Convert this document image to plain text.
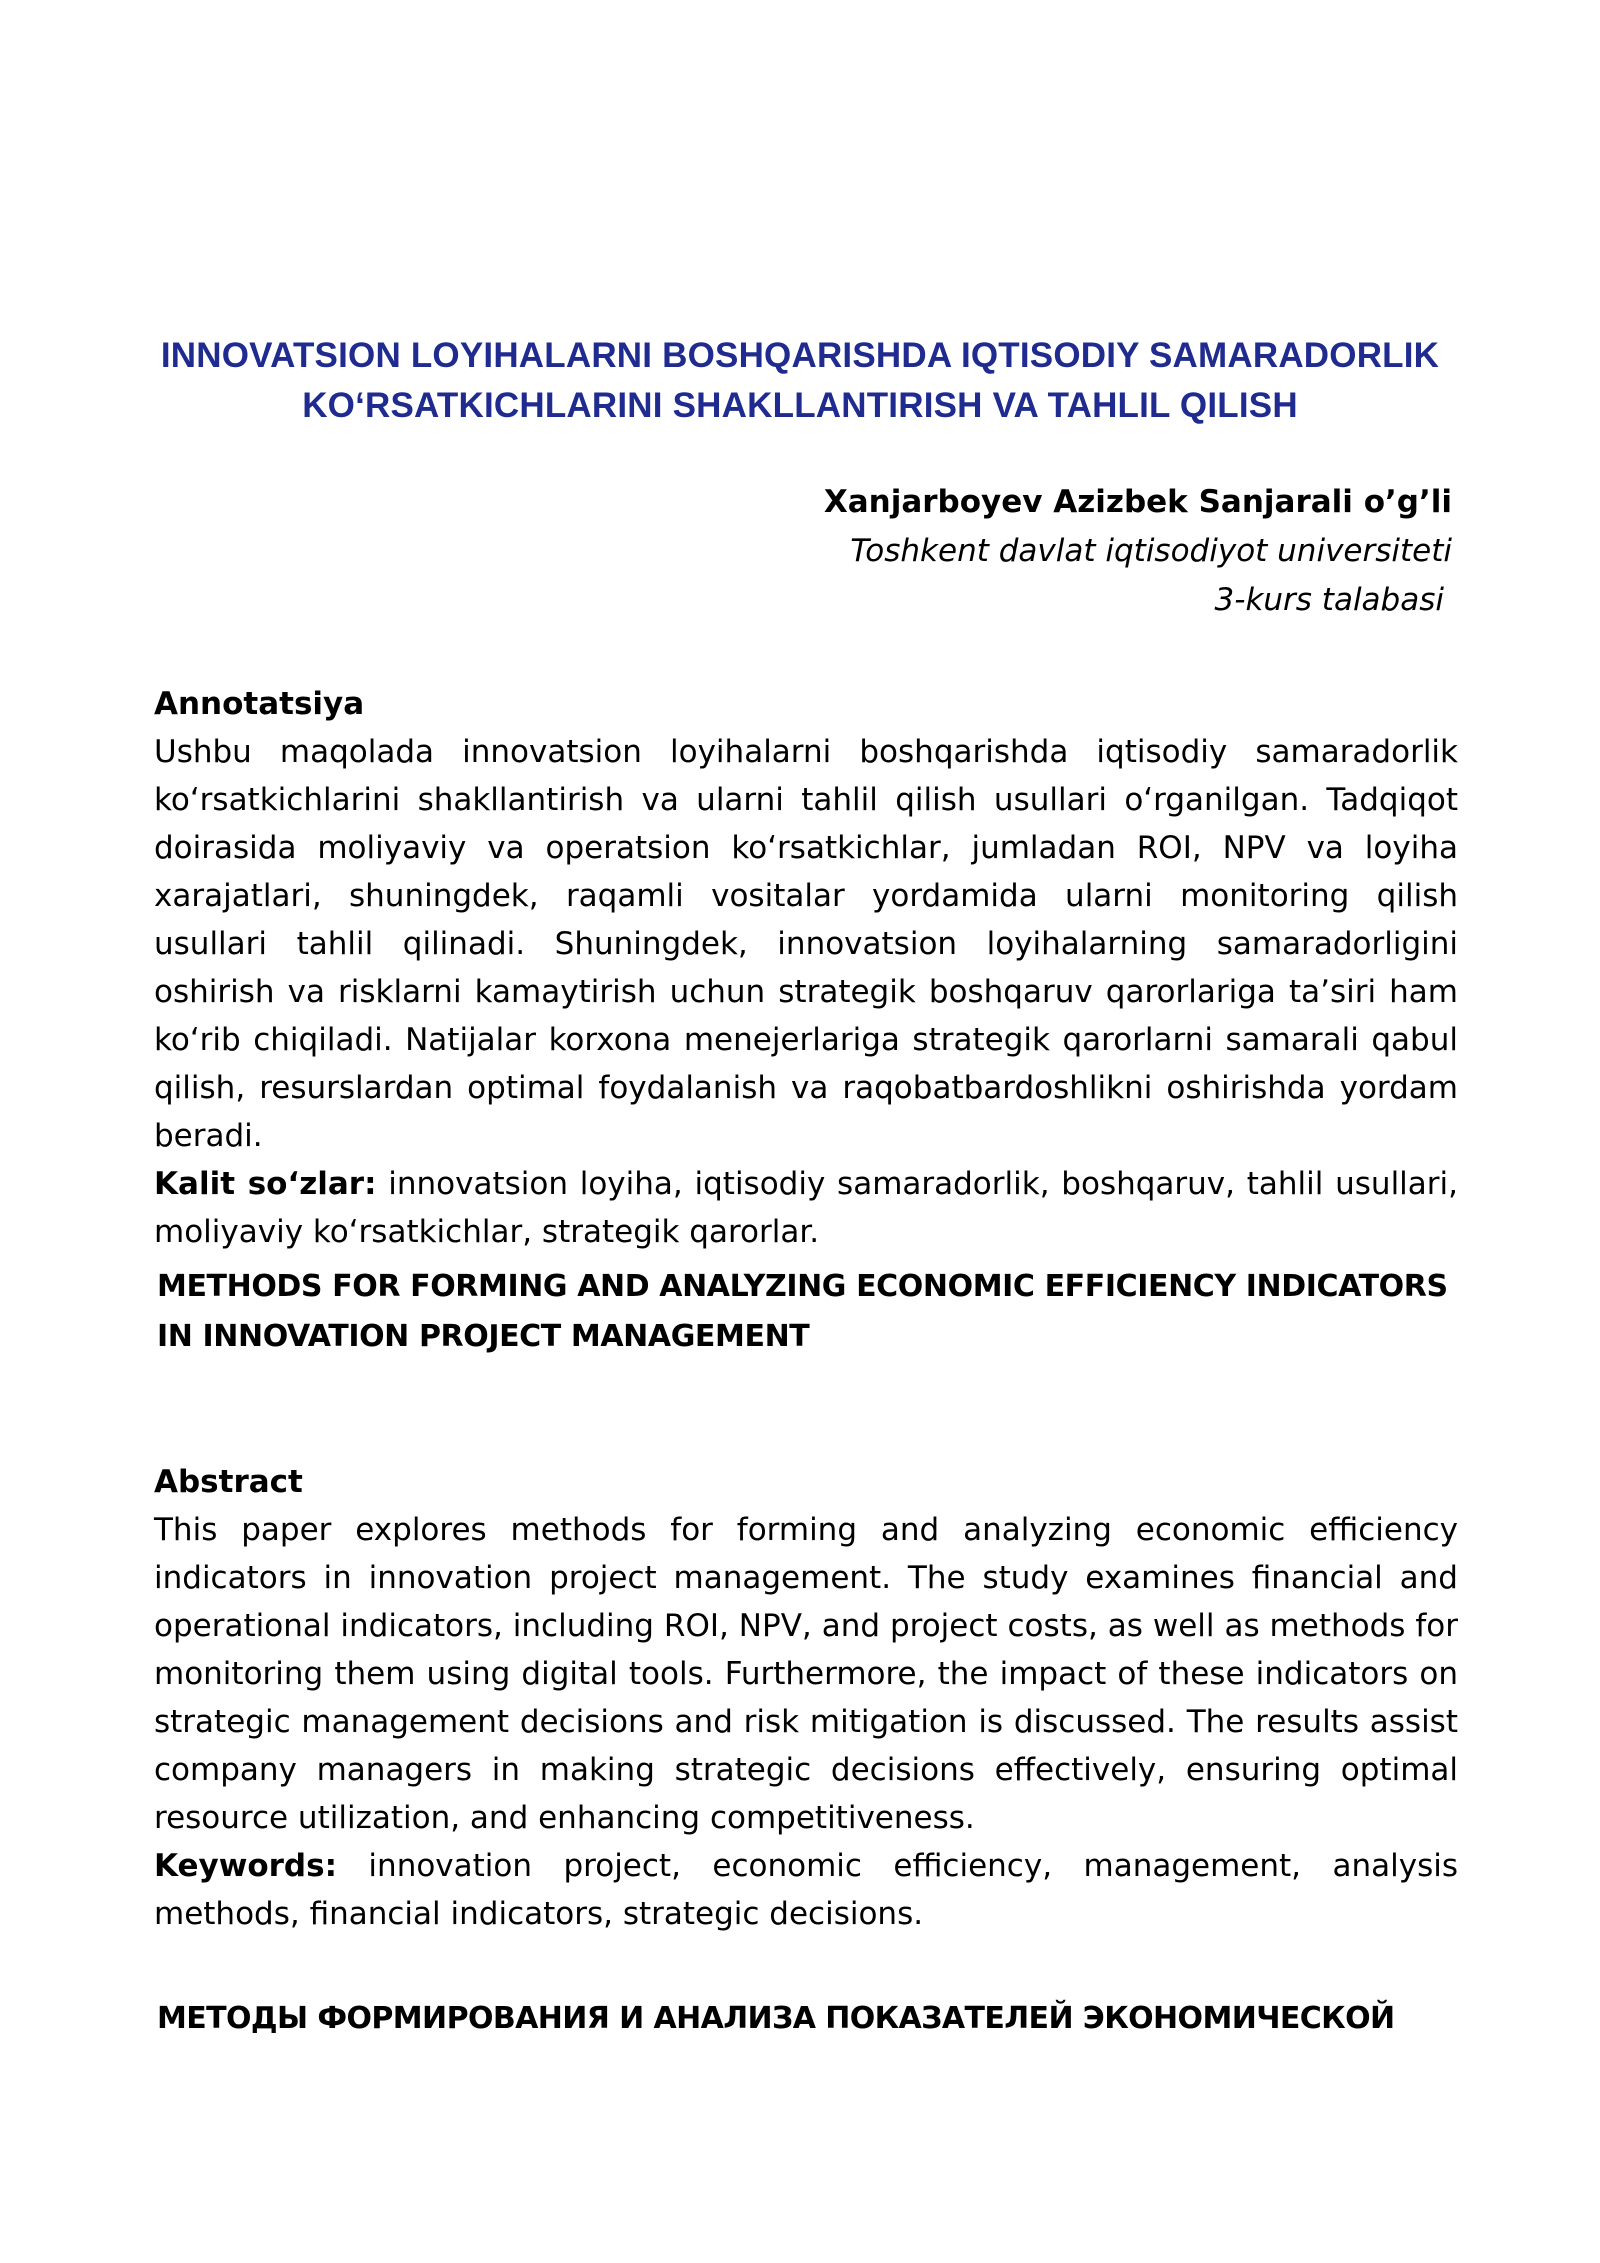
INNOVATSION LOYIHALARNI BOSHQARISHDA IQTISODIY SAMARADORLIK KO‘RSATKICHLARINI SHAKLLANTIRISH VA TAHLIL QILISH
Xanjarboyev Azizbek Sanjarali o’g’li
Toshkent davlat iqtisodiyot universiteti
3-kurs talabasi
Annotatsiya
Ushbu maqolada innovatsion loyihalarni boshqarishda iqtisodiy samaradorlik ko‘rsatkichlarini shakllantirish va ularni tahlil qilish usullari o‘rganilgan. Tadqiqot doirasida moliyaviy va operatsion ko‘rsatkichlar, jumladan ROI, NPV va loyiha xarajatlari, shuningdek, raqamli vositalar yordamida ularni monitoring qilish usullari tahlil qilinadi. Shuningdek, innovatsion loyihalarning samaradorligini oshirish va risklarni kamaytirish uchun strategik boshqaruv qarorlariga ta’siri ham ko‘rib chiqiladi. Natijalar korxona menejerlariga strategik qarorlarni samarali qabul qilish, resurslardan optimal foydalanish va raqobatbardoshlikni oshirishda yordam beradi.
Kalit so‘zlar: innovatsion loyiha, iqtisodiy samaradorlik, boshqaruv, tahlil usullari, moliyaviy ko‘rsatkichlar, strategik qarorlar.
METHODS FOR FORMING AND ANALYZING ECONOMIC EFFICIENCY INDICATORS IN INNOVATION PROJECT MANAGEMENT
Abstract
This paper explores methods for forming and analyzing economic efficiency indicators in innovation project management. The study examines financial and operational indicators, including ROI, NPV, and project costs, as well as methods for monitoring them using digital tools. Furthermore, the impact of these indicators on strategic management decisions and risk mitigation is discussed. The results assist company managers in making strategic decisions effectively, ensuring optimal resource utilization, and enhancing competitiveness.
Keywords: innovation project, economic efficiency, management, analysis methods, financial indicators, strategic decisions.
МЕТОДЫ ФОРМИРОВАНИЯ И АНАЛИЗА ПОКАЗАТЕЛЕЙ ЭКОНОМИЧЕСКОЙ
